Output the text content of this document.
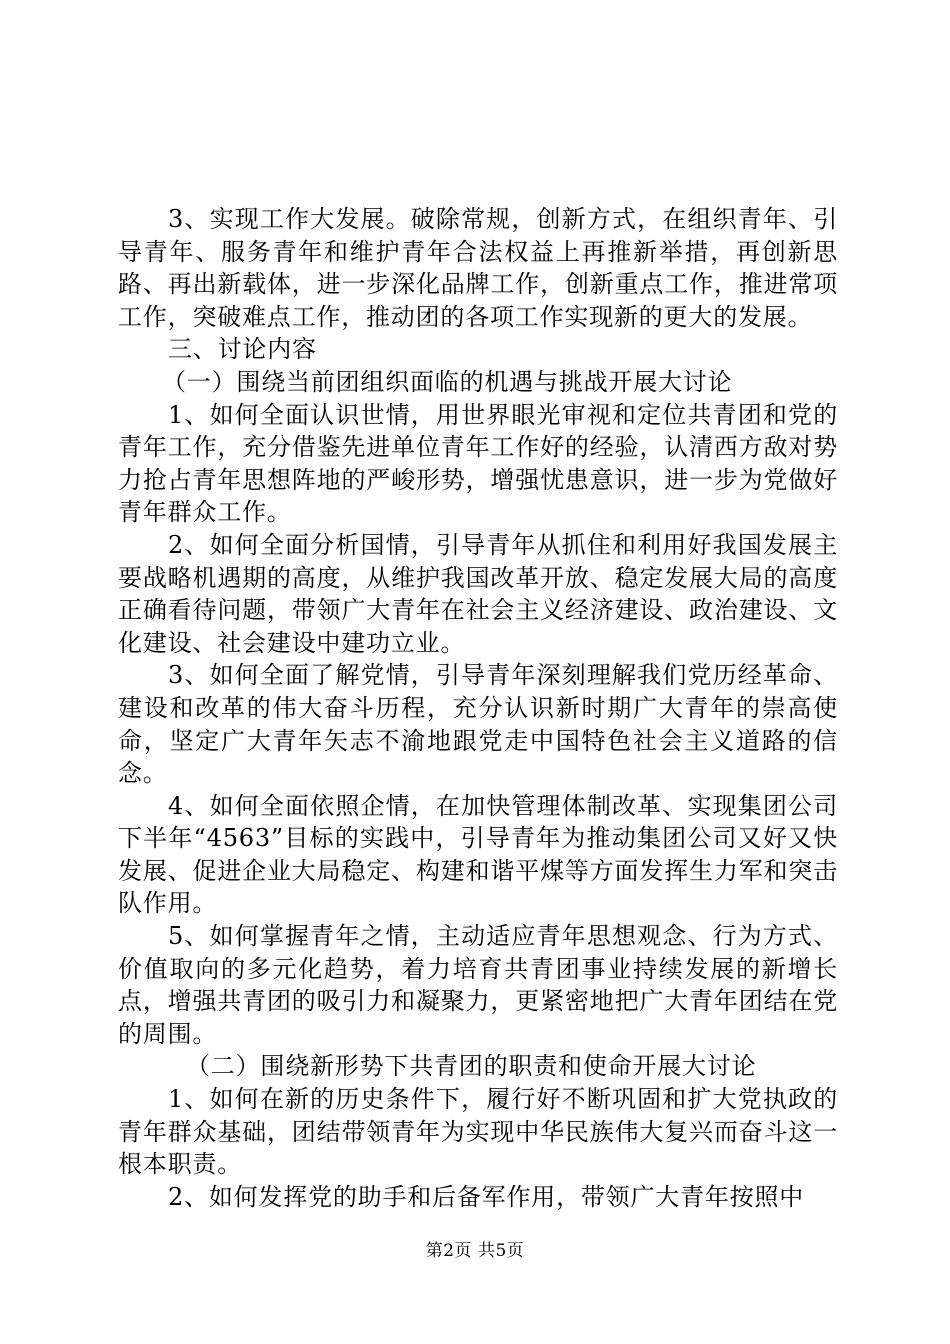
3、实现工作大发展。破除常规，创新方式，在组织青年、引导青年、服务青年和维护青年合法权益上再推新举措，再创新思路、再出新载体，进一步深化品牌工作，创新重点工作，推进常项工作，突破难点工作，推动团的各项工作实现新的更大的发展。

三、讨论内容

（一）围绕当前团组织面临的机遇与挑战开展大讨论

1、如何全面认识世情，用世界眼光审视和定位共青团和党的青年工作，充分借鉴先进单位青年工作好的经验，认清西方敌对势力抢占青年思想阵地的严峻形势，增强忧患意识，进一步为党做好青年群众工作。

2、如何全面分析国情，引导青年从抓住和利用好我国发展主要战略机遇期的高度，从维护我国改革开放、稳定发展大局的高度正确看待问题，带领广大青年在社会主义经济建设、政治建设、文化建设、社会建设中建功立业。

3、如何全面了解党情，引导青年深刻理解我们党历经革命、建设和改革的伟大奋斗历程，充分认识新时期广大青年的崇高使命，坚定广大青年矢志不渝地跟党走中国特色社会主义道路的信念。

4、如何全面依照企情，在加快管理体制改革、实现集团公司下半年“4563”目标的实践中，引导青年为推动集团公司又好又快发展、促进企业大局稳定、构建和谐平煤等方面发挥生力军和突击队作用。

5、如何掌握青年之情，主动适应青年思想观念、行为方式、价值取向的多元化趋势，着力培育共青团事业持续发展的新增长点，增强共青团的吸引力和凝聚力，更紧密地把广大青年团结在党的周围。

（二）围绕新形势下共青团的职责和使命开展大讨论

1、如何在新的历史条件下，履行好不断巩固和扩大党执政的青年群众基础，团结带领青年为实现中华民族伟大复兴而奋斗这一根本职责。

2、如何发挥党的助手和后备军作用，带领广大青年按照中

第2页 共5页
